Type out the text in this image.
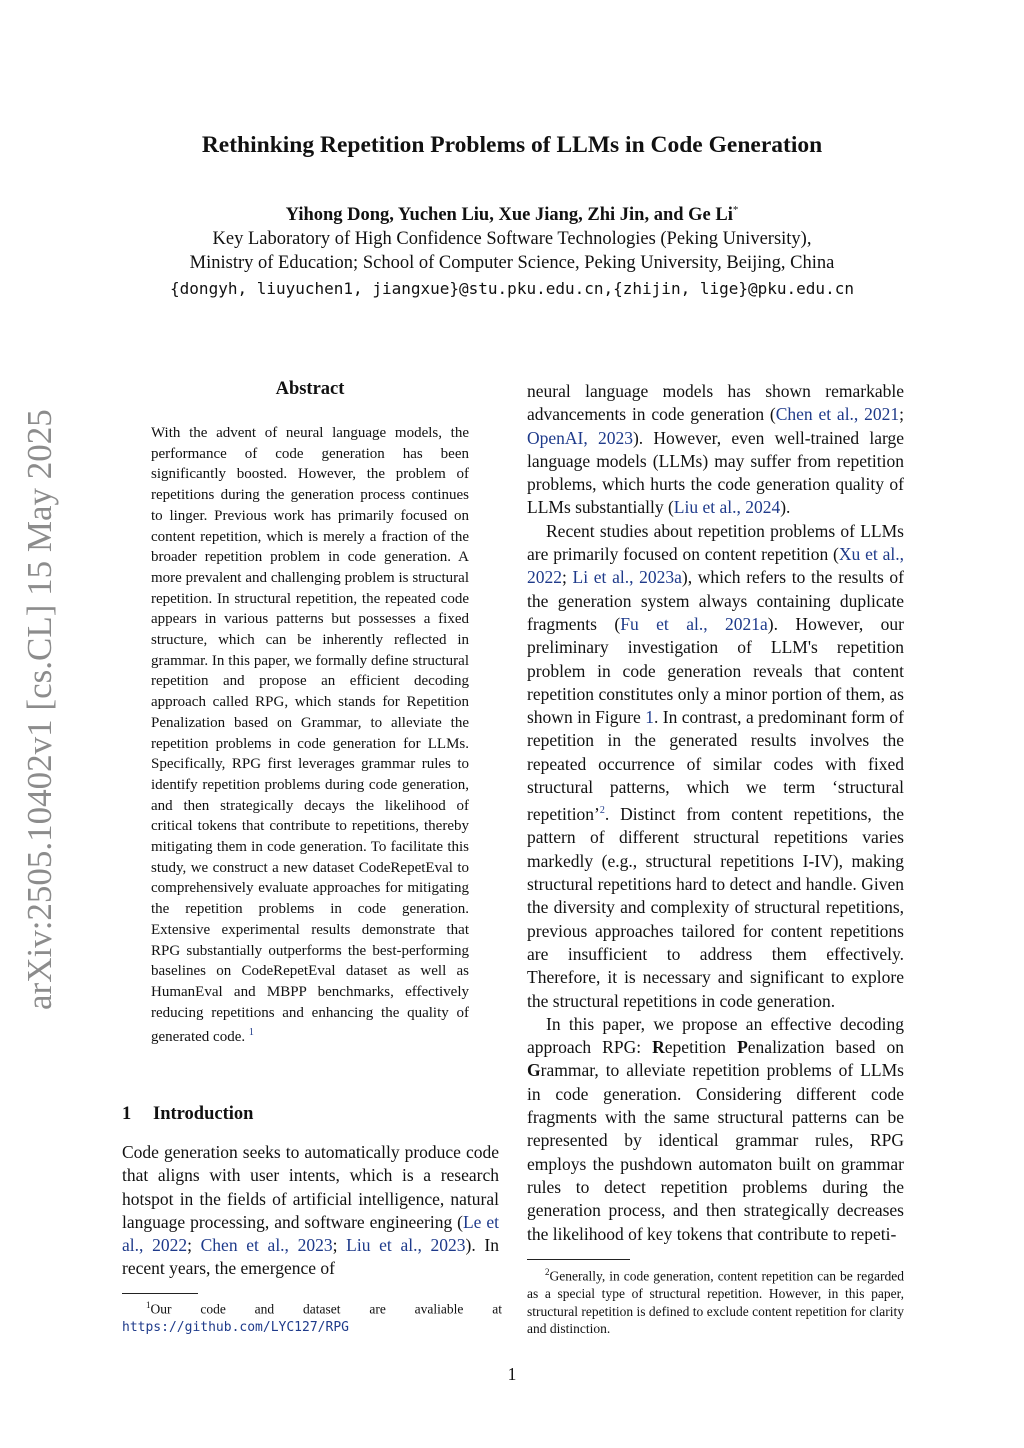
arXiv:2505.10402v1 [cs.CL] 15 May 2025
Rethinking Repetition Problems of LLMs in Code Generation
Yihong Dong, Yuchen Liu, Xue Jiang, Zhi Jin, and Ge Li*
Key Laboratory of High Confidence Software Technologies (Peking University),
Ministry of Education; School of Computer Science, Peking University, Beijing, China
{dongyh, liuyuchen1, jiangxue}@stu.pku.edu.cn,{zhijin, lige}@pku.edu.cn
Abstract
With the advent of neural language models, the performance of code generation has been significantly boosted. However, the problem of repetitions during the generation process continues to linger. Previous work has primarily focused on content repetition, which is merely a fraction of the broader repetition problem in code generation. A more prevalent and challenging problem is structural repetition. In structural repetition, the repeated code appears in various patterns but possesses a fixed structure, which can be inherently reflected in grammar. In this paper, we formally define structural repetition and propose an efficient decoding approach called RPG, which stands for Repetition Penalization based on Grammar, to alleviate the repetition problems in code generation for LLMs. Specifically, RPG first leverages grammar rules to identify repetition problems during code generation, and then strategically decays the likelihood of critical tokens that contribute to repetitions, thereby mitigating them in code generation. To facilitate this study, we construct a new dataset CodeRepetEval to comprehensively evaluate approaches for mitigating the repetition problems in code generation. Extensive experimental results demonstrate that RPG substantially outperforms the best-performing baselines on CodeRepetEval dataset as well as HumanEval and MBPP benchmarks, effectively reducing repetitions and enhancing the quality of generated code. $^1$
1 Introduction
Code generation seeks to automatically produce code that aligns with user intents, which is a research hotspot in the fields of artificial intelligence, natural language processing, and software engineering (Le et al., 2022; Chen et al., 2023; Liu et al., 2023). In recent years, the emergence of
$^1$Our code and dataset are avaliable at https://github.com/LYC127/RPG

neural language models has shown remarkable advancements in code generation (Chen et al., 2021; OpenAI, 2023). However, even well-trained large language models (LLMs) may suffer from repetition problems, which hurts the code generation quality of LLMs substantially (Liu et al., 2024).

Recent studies about repetition problems of LLMs are primarily focused on content repetition (Xu et al., 2022; Li et al., 2023a), which refers to the results of the generation system always containing duplicate fragments (Fu et al., 2021a). However, our preliminary investigation of LLM's repetition problem in code generation reveals that content repetition constitutes only a minor portion of them, as shown in Figure 1. In contrast, a predominant form of repetition in the generated results involves the repeated occurrence of similar codes with fixed structural patterns, which we term ‘structural repetition’$^2$. Distinct from content repetitions, the pattern of different structural repetitions varies markedly (e.g., structural repetitions I-IV), making structural repetitions hard to detect and handle. Given the diversity and complexity of structural repetitions, previous approaches tailored for content repetitions are insufficient to address them effectively. Therefore, it is necessary and significant to explore the structural repetitions in code generation.

In this paper, we propose an effective decoding approach RPG: Repetition Penalization based on Grammar, to alleviate repetition problems of LLMs in code generation. Considering different code fragments with the same structural patterns can be represented by identical grammar rules, RPG employs the pushdown automaton built on grammar rules to detect repetition problems during the generation process, and then strategically decreases the likelihood of key tokens that contribute to repeti-

$^2$Generally, in code generation, content repetition can be regarded as a special type of structural repetition. However, in this paper, structural repetition is defined to exclude content repetition for clarity and distinction.
1
